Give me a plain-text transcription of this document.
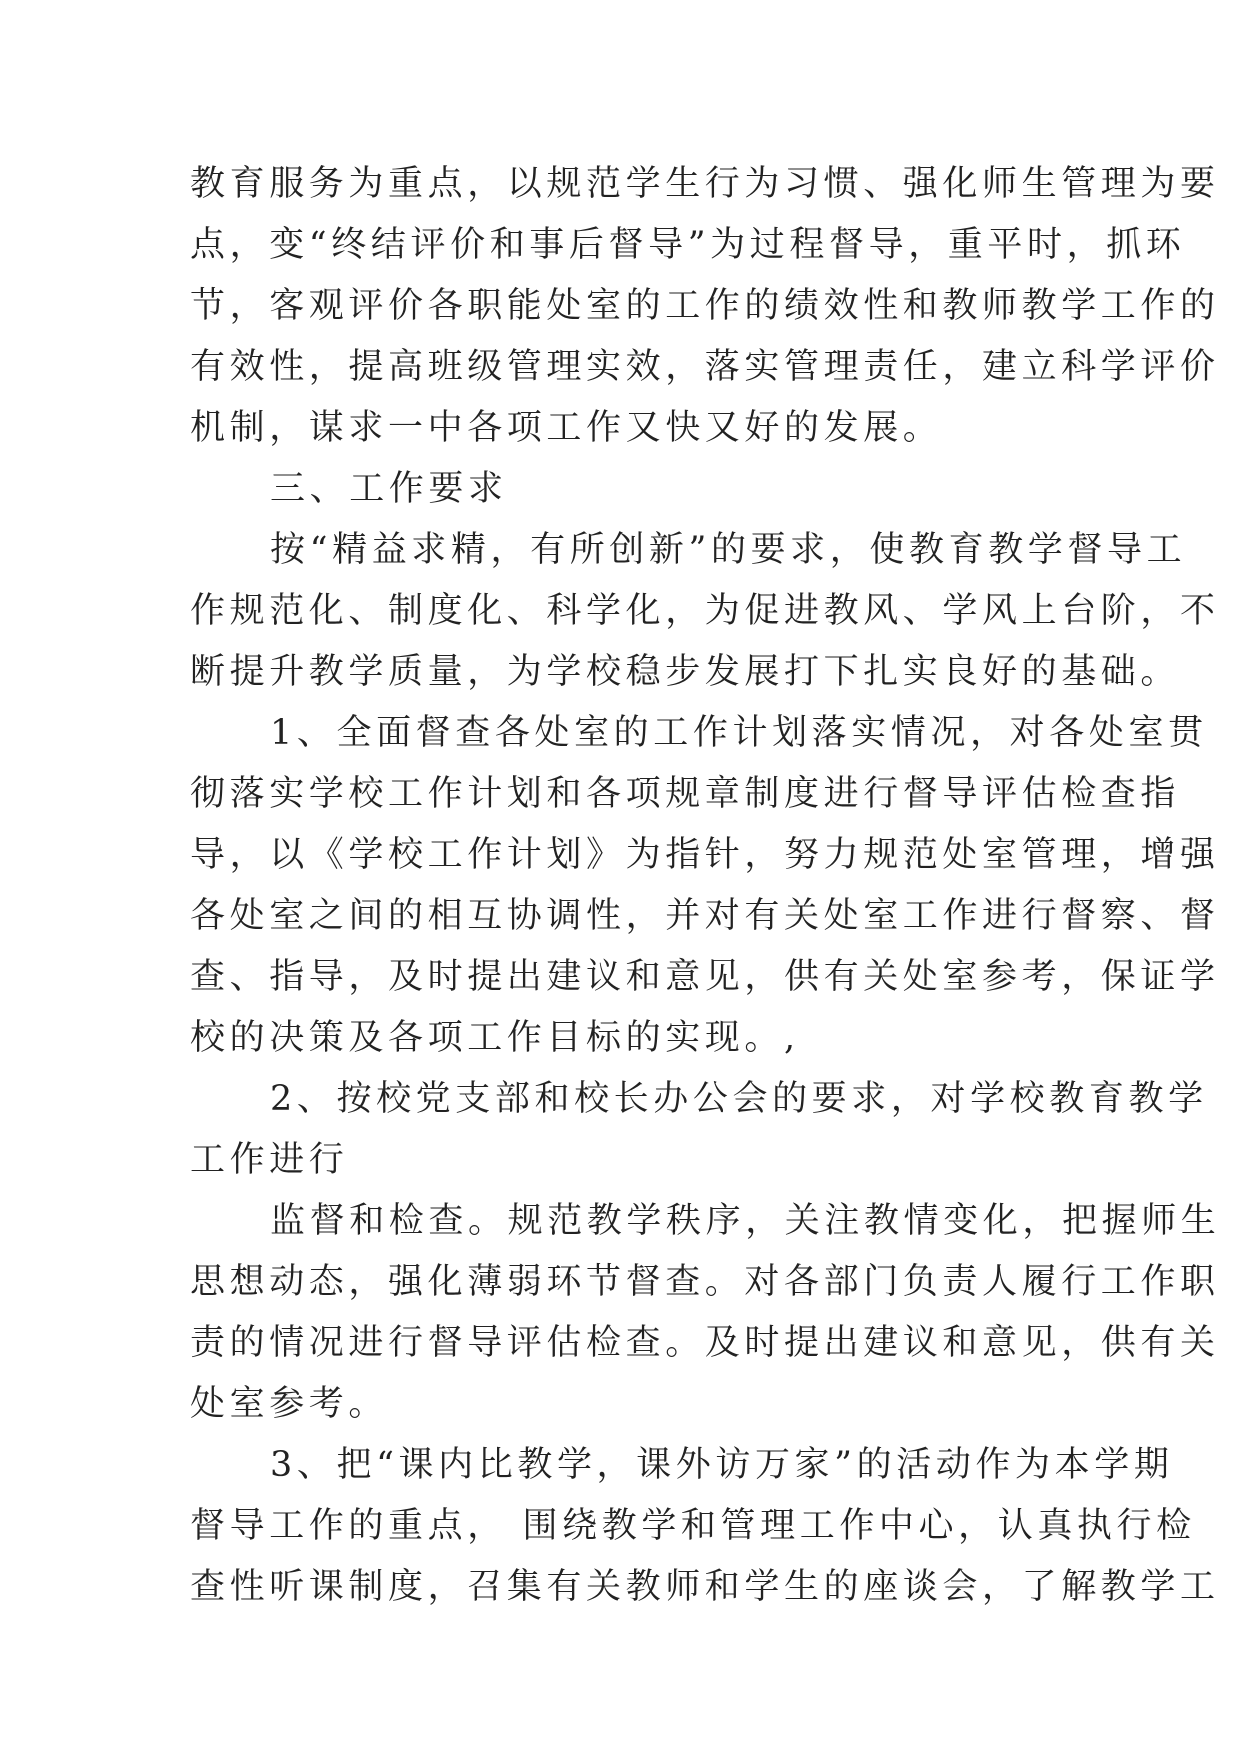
教育服务为重点，以规范学生行为习惯、强化师生管理为要

点，变“终结评价和事后督导”为过程督导，重平时，抓环

节，客观评价各职能处室的工作的绩效性和教师教学工作的

有效性，提高班级管理实效，落实管理责任，建立科学评价

机制，谋求一中各项工作又快又好的发展。

三、工作要求

按“精益求精，有所创新”的要求，使教育教学督导工

作规范化、制度化、科学化，为促进教风、学风上台阶，不

断提升教学质量，为学校稳步发展打下扎实良好的基础。

1、全面督查各处室的工作计划落实情况，对各处室贯

彻落实学校工作计划和各项规章制度进行督导评估检查指

导，以《学校工作计划》为指针，努力规范处室管理，增强

各处室之间的相互协调性，并对有关处室工作进行督察、督

查、指导，及时提出建议和意见，供有关处室参考，保证学

校的决策及各项工作目标的实现。,

2、按校党支部和校长办公会的要求，对学校教育教学

工作进行

监督和检查。规范教学秩序，关注教情变化，把握师生

思想动态，强化薄弱环节督查。对各部门负责人履行工作职

责的情况进行督导评估检查。及时提出建议和意见，供有关

处室参考。

3、把“课内比教学，课外访万家”的活动作为本学期

督导工作的重点， 围绕教学和管理工作中心，认真执行检

查性听课制度，召集有关教师和学生的座谈会，了解教学工
